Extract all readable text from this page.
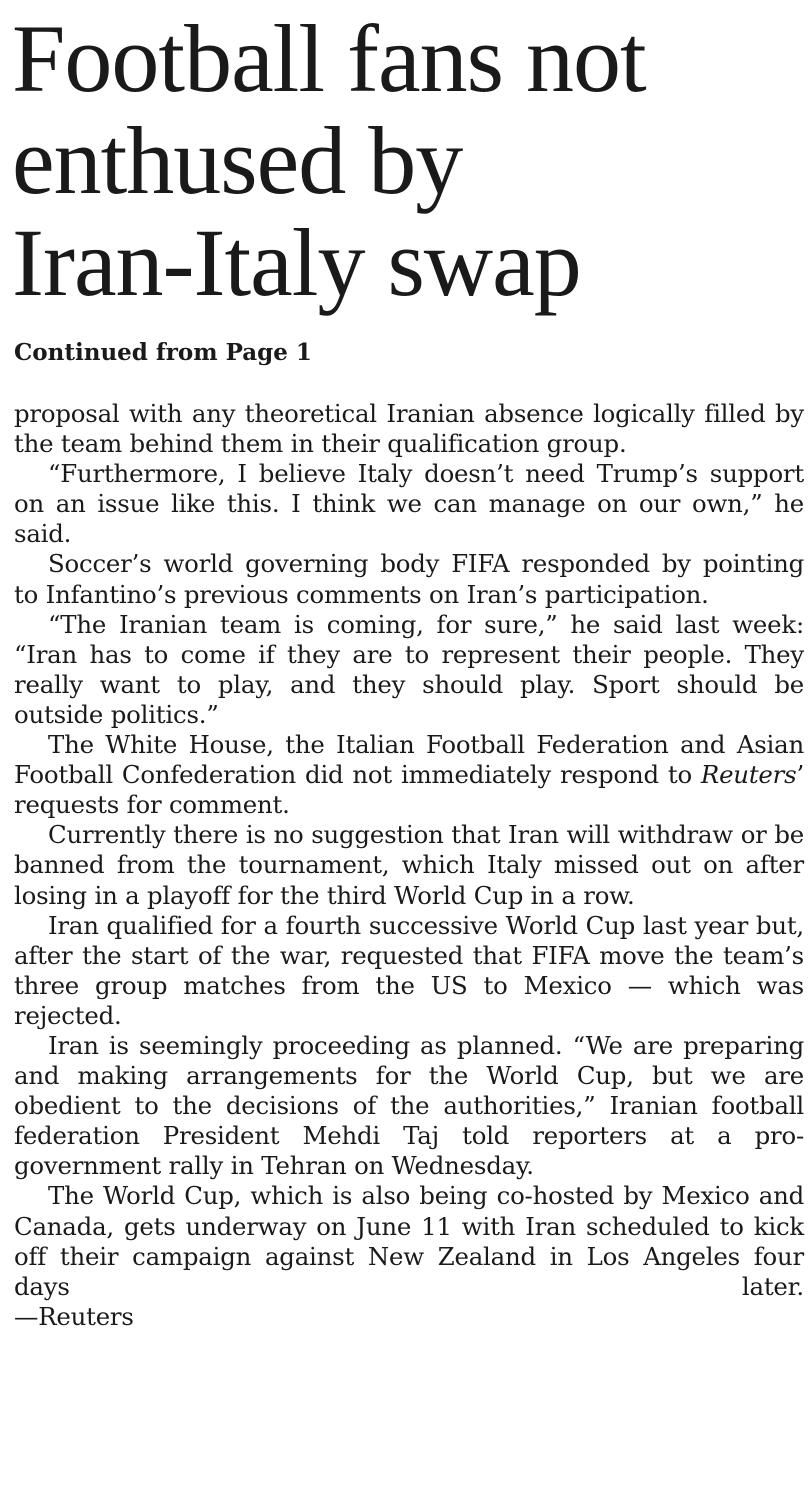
Football fans not
enthused by
Iran-Italy swap
Continued from Page 1

proposal with any theoretical Iranian absence logically filled by the team behind them in their qualification group.

“Furthermore, I believe Italy doesn’t need Trump’s support on an issue like this. I think we can manage on our own,” he said.

Soccer’s world governing body FIFA responded by pointing to Infantino’s previous comments on Iran’s participation.

“The Iranian team is coming, for sure,” he said last week: “Iran has to come if they are to represent their people. They really want to play, and they should play. Sport should be outside politics.”

The White House, the Italian Football Federation and Asian Football Confederation did not immediately respond to Reuters’ requests for comment.

Currently there is no suggestion that Iran will withdraw or be banned from the tournament, which Italy missed out on after losing in a playoff for the third World Cup in a row.

Iran qualified for a fourth successive World Cup last year but, after the start of the war, requested that FIFA move the team’s three group matches from the US to Mexico — which was rejected.

Iran is seemingly proceeding as planned. “We are preparing and making arrangements for the World Cup, but we are obedient to the decisions of the authorities,” Iranian football federation President Mehdi Taj told reporters at a pro-government rally in Tehran on Wednesday.

The World Cup, which is also being co-hosted by Mexico and Canada, gets underway on June 11 with Iran scheduled to kick off their campaign against New Zealand in Los Angeles four days later.

—Reuters
